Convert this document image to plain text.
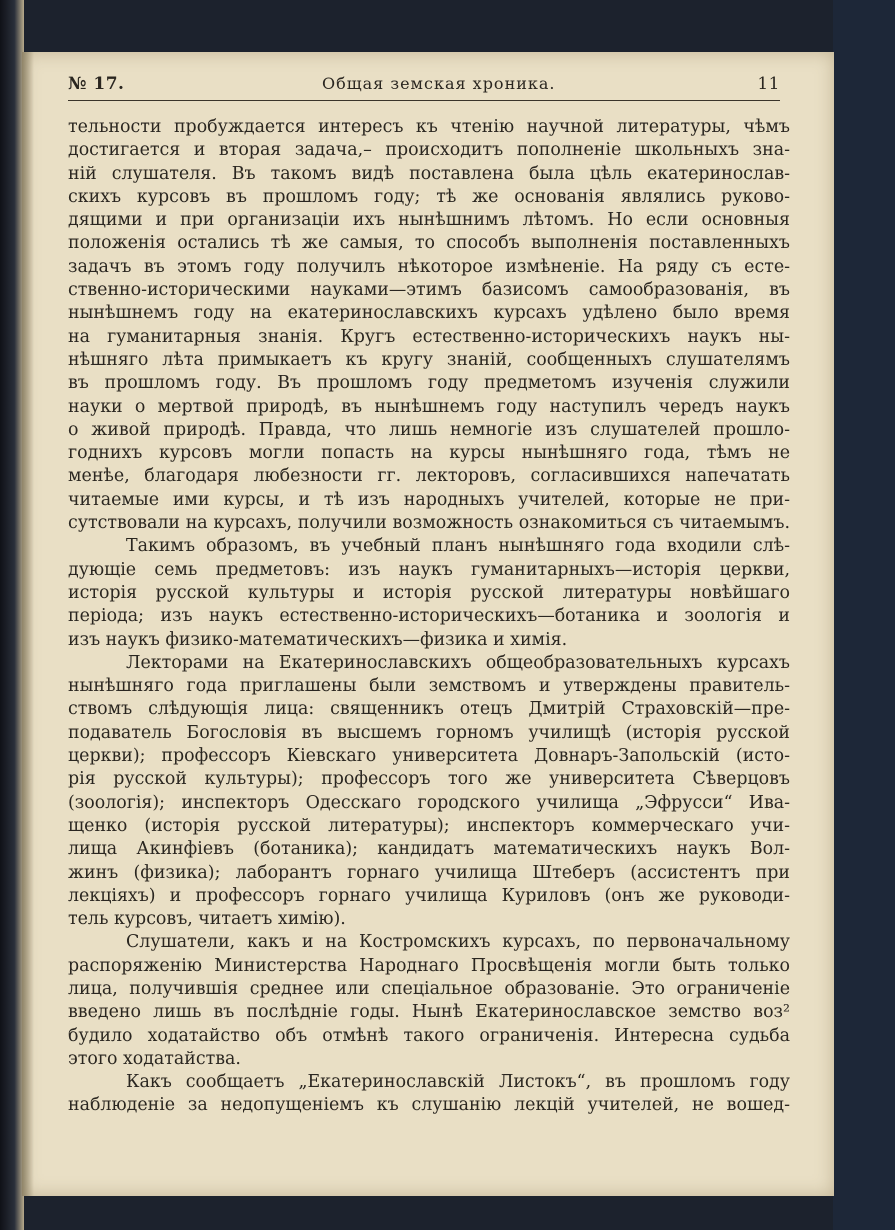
№ 17.	Общая земская хроника.	11
тельности пробуждается интересъ къ чтенію научной литературы, чѣмъ
достигается и вторая задача,– происходитъ пополненіе школьныхъ зна-
ній слушателя. Въ такомъ видѣ поставлена была цѣль екатеринослав-
скихъ курсовъ въ прошломъ году; тѣ же основанія являлись руково-
дящими и при организаціи ихъ нынѣшнимъ лѣтомъ. Но если основныя
положенія остались тѣ же самыя, то способъ выполненія поставленныхъ
задачъ въ этомъ году получилъ нѣкоторое измѣненіе. На ряду съ есте-
ственно-историческими науками—этимъ базисомъ самообразованія, въ
нынѣшнемъ году на екатеринославскихъ курсахъ удѣлено было время
на гуманитарныя знанія. Кругъ естественно-историческихъ наукъ ны-
нѣшняго лѣта примыкаетъ къ кругу знаній, сообщенныхъ слушателямъ
въ прошломъ году. Въ прошломъ году предметомъ изученія служили
науки о мертвой природѣ, въ нынѣшнемъ году наступилъ чередъ наукъ
о живой природѣ. Правда, что лишь немногіе изъ слушателей прошло-
годнихъ курсовъ могли попасть на курсы нынѣшняго года, тѣмъ не
менѣе, благодаря любезности гг. лекторовъ, согласившихся напечатать
читаемые ими курсы, и тѣ изъ народныхъ учителей, которые не при-
сутствовали на курсахъ, получили возможность ознакомиться съ читаемымъ.
Такимъ образомъ, въ учебный планъ нынѣшняго года входили слѣ-
дующіе семь предметовъ: изъ наукъ гуманитарныхъ—исторія церкви,
исторія русской культуры и исторія русской литературы новѣйшаго
періода; изъ наукъ естественно-историческихъ—ботаника и зоологія и
изъ наукъ физико-математическихъ—физика и химія.
Лекторами на Екатеринославскихъ общеобразовательныхъ курсахъ
нынѣшняго года приглашены были земствомъ и утверждены правитель-
ствомъ слѣдующія лица: священникъ отецъ Дмитрій Страховскій—пре-
подаватель Богословія въ высшемъ горномъ училищѣ (исторія русской
церкви); профессоръ Кіевскаго университета Довнаръ-Запольскій (исто-
рія русской культуры); профессоръ того же университета Сѣверцовъ
(зоологія); инспекторъ Одесскаго городского училища „Эфрусси“ Ива-
щенко (исторія русской литературы); инспекторъ коммерческаго учи-
лища Акинфіевъ (ботаника); кандидатъ математическихъ наукъ Вол-
жинъ (физика); лаборантъ горнаго училища Штеберъ (ассистентъ при
лекціяхъ) и профессоръ горнаго училища Куриловъ (онъ же руководи-
тель курсовъ, читаетъ химію).
Слушатели, какъ и на Костромскихъ курсахъ, по первоначальному
распоряженію Министерства Народнаго Просвѣщенія могли быть только
лица, получившія среднее или спеціальное образованіе. Это ограниченіе
введено лишь въ послѣдніе годы. Нынѣ Екатеринославское земство воз²
будило ходатайство объ отмѣнѣ такого ограниченія. Интересна судьба
этого ходатайства.
Какъ сообщаетъ „Екатеринославскій Листокъ“, въ прошломъ году
наблюденіе за недопущеніемъ къ слушанію лекцій учителей, не вошед-
